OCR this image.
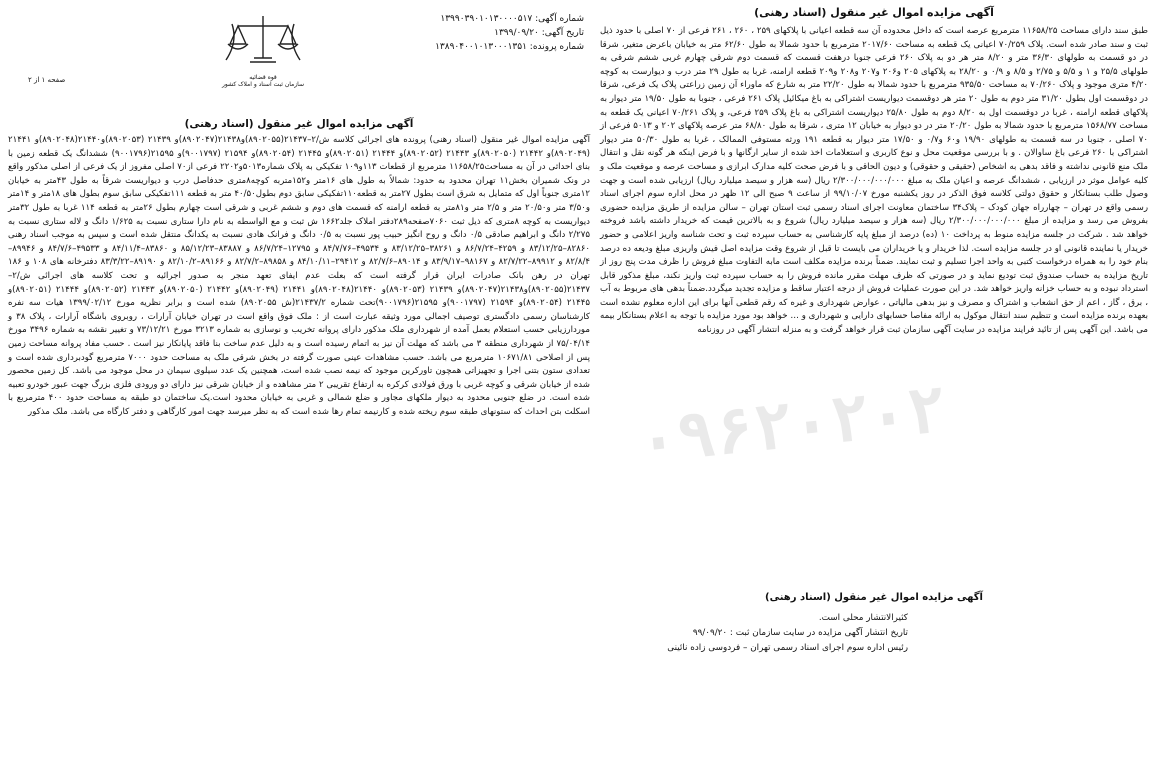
آگهی مزایده اموال غیر منقول (اسناد رهنی)

طبق سند دارای مساحت ۱۱۶۵۸/۲۵ مترمربع عرصه است که داخل محدوده آن سه قطعه اعیانی با پلاکهای ۲۵۹ ، ۲۶۰ ، ۲۶۱ فرعی از ۷۰ اصلی با حدود ذیل ثبت و سند صادر شده است. پلاک ۷۰/۲۵۹ اعیانی یک قطعه به مساحت ۲۰۱۷/۶۰ مترمربع با حدود شمالا به طول ۶۲/۶۰ متر به خیابان باعرض متغیر، شرقا در دو قسمت به طولهای ۳۶/۳۰ متر و ۸/۲۰ متر هر دو به پلاک ۲۶۰ فرعی جنوبا درهفت قسمت که قسمت دوم شرقی چهارم غربی ششم شرقی به طولهای ۲۵/۵ و ۱ و ۵/۵ و ۲/۷۵ و ۸/۵ و ۰/۹ و ۲۸/۲۰ به پلاکهای ۲۰۵ و۲۰۶ و۲۰۷ و۲۰۸ و۲۰۹ قطعه ارامنه، غربا به طول ۲۹ متر درب و دیوارست به کوچه ۴/۲۰ متری موجود و پلاک ۷۰/۲۶۰ به مساحت ۹۳۵/۵۰ مترمربع با حدود شمالا به طول ۲۲/۲۰ متر به شارع که ماوراء آن زمین زراعتی پلاک یک فرعی، شرقا در دوقسمت اول بطول ۳۱/۲۰ متر دوم به طول ۲۰ متر هر دوقسمت دیواریست اشتراکی به باغ میکائیل پلاک ۲۶۱ فرعی ، جنوبا به طول ۱۹/۵۰ متر دیوار به پلاکهای قطعه ارامنه ، غربا در دوقسمت اول به ۸/۲۰ دوم به طول ۲۵/۸۰ دیواریست اشتراکی به باغ پلاک ۲۵۹ فرعی، و پلاک ۷۰/۲۶۱ اعیانی یک قطعه به مساحت ۱۵۶۸/۷۷ مترمربع با حدود شمالا به طول ۲۰/۲۰ متر در دو دیوار به خیابان ۱۲ متری ، شرقا به طول ۶۸/۸۰ متر عرصه پلاکهای ۲۰۲ و ۵۰۱۳ فرعی از ۷۰ اصلی ، جنوبا در سه قسمت به طولهای ۱۹/۹۰ و۶۰ و۰/۷ و ۱۷/۵۰ متر دیوار به قطعه ۱۹۱ ورثه مستوفی الممالک ، غربا به طول ۵۰/۳۰ متر دیوار اشتراکی با ۲۶۰ فرعی باغ ساوالان . و با بررسی موقعیت محل و نوع کاربری و استعلامات اخذ شده از سایر ارگانها و با فرض اینکه هر گونه نقل و انتقال ملک منع قانونی نداشته و فاقد بدهی به اشخاص (حقیقی و حقوقی) و دیون الحاقی و با فرض صحت کلیه مدارک ابرازی و مساحت عرصه و موقعیت ملک و کلیه عوامل موثر در ارزیابی ، ششدانگ عرصه و اعیان ملک به مبلغ ۲/۳۰۰/۰۰۰/۰۰۰/۰۰۰ ریال (سه هزار و سیصد میلیارد ریال) ارزیابی شده است و جهت وصول طلب بستانکار و حقوق دولتی کلاسه فوق الذکر در روز یکشنبه مورخ ۹۹/۱۰/۰۷ از ساعت ۹ صبح الی ۱۲ ظهر در محل اداره سوم اجرای اسناد رسمی واقع در تهران – چهارراه جهان کودک – پلاک۳۴ ساختمان معاونت اجرای اسناد رسمی ثبت استان تهران – سالن مزایده از طریق مزایده حضوری بفروش می رسد و مزایده از مبلغ ۲/۳۰۰/۰۰۰/۰۰۰/۰۰۰ ریال (سه هزار و سیصد میلیارد ریال) شروع و به بالاترین قیمت که خریدار داشته باشد فروخته خواهد شد . شرکت در جلسه مزایده منوط به پرداخت ۱۰ (ده) درصد از مبلغ پایه کارشناسی به حساب سپرده ثبت و تحت شناسه واریز اعلامی و حضور خریدار یا نماینده قانونی او در جلسه مزایده است. لذا خریدار و یا خریداران می بایست تا قبل از شروع وقت مزایده اصل فیش واریزی مبلغ ودیعه ده درصد بنام خود را به همراه درخواست کتبی به واحد اجرا تسلیم و ثبت نمایند. ضمناً برنده مزایده مکلف است مابه التفاوت مبلغ فروش را ظرف مدت پنج روز از تاریخ مزایده به حساب صندوق ثبت تودیع نماید و در صورتی که ظرف مهلت مقرر مانده فروش را به حساب سپرده ثبت واریز نکند، مبلغ مذکور قابل استرداد نبوده و به حساب خزانه واریز خواهد شد. در این صورت عملیات فروش از درجه اعتبار ساقط و مزایده تجدید میگردد.ضمناً بدهی های مربوط به آب ، برق ، گاز ، اعم از حق انشعاب و اشتراک و مصرف و نیز بدهی مالیاتی ، عوارض شهرداری و غیره که رقم قطعی آنها برای این اداره معلوم نشده است بعهده برنده مزایده است و تنظیم سند انتقال موکول به ارائه مفاصا حسابهای دارایی و شهرداری و … خواهد بود مورد مزایده با توجه به اعلام بستانکار بیمه می باشد. این آگهی پس از تائید فرایند مزایده در سایت آگهی سازمان ثبت قرار خواهد گرفت و به منزله انتشار آگهی در روزنامه

۰۹۶۲۰۲۰۲
آگهی مزایده اموال غیر منقول (اسناد رهنی)
کثیرالانتشار محلی است.
تاریخ انتشار آگهی مزایده در سایت سازمان ثبت : ۹۹/۰۹/۲۰
رئیس اداره سوم اجرای اسناد رسمی تهران – فردوسی زاده نائینی
شماره آگهی: ۱۳۹۹۰۳۹۰۱۰۱۳۰۰۰۰۵۱۷
تاریخ آگهی: ۱۳۹۹/۰۹/۲۰
شماره پرونده: ۱۳۸۹۰۴۰۰۱۰۱۳۰۰۰۱۳۵۱
قوه قضائیه
سازمان ثبت اسناد و املاک کشور
صفحه ۱ از ۲

آگهی مزایده اموال غیر منقول (اسناد رهنی)

آگهی مزایده اموال غیر منقول (اسناد رهنی) پرونده های اجرائی کلاسه ش/۲–۲۱۴۳۷(۸۹۰۲۰۵۵)و۲۱۴۳۸(۸۹۰۲۰۴۷)و ۲۱۴۳۹ (۸۹۰۲۰۵۳)و۲۱۴۴۰(۸۹۰۲۰۴۸)و ۲۱۴۴۱ (۸۹۰۲۰۴۹)و ۲۱۴۴۲ (۸۹۰۲۰۵۰)و ۲۱۴۴۳ (۸۹۰۲۰۵۲)و ۲۱۴۴۴ (۸۹۰۲۰۵۱)و ۲۱۴۴۵ (۸۹۰۲۰۵۴)و ۲۱۵۹۴ (۹۰۰۱۷۹۷)و ۲۱۵۹۵(۹۰۰۱۷۹۶) ششدانگ یک قطعه زمین با بنای احداثی در آن به مساحت۱۱۶۵۸/۲۵ مترمربع از قطعات ۱۱۳و۱۰۹ تفکیکی به پلاک شماره۵۰۱۳و۲۲۰۲ فرعی از۷۰ اصلی مفروز از یک فرعی از اصلی مذکور واقع در ونک شمیران بخش۱۱ تهران محدود به حدود: شمالاً به طول های ۱۶متر و۱۵۲متربه کوچه۸متری حدفاصل درب و دیواریست شرقاً به طول ۴۳متر به خیابان ۱۲متری جنوباً اول که متمایل به شرق است بطول ۲۷متر به قطعه۱۱۰تفکیکی سابق دوم بطول۴۰/۵۰ متر به قطعه ۱۱۱تفکیکی سابق سوم بطول های ۱۸متر و ۱۴متر و۳/۵۰ متر و۲۰/۵۰ متر و ۲/۵ متر و۸۱متر به قطعه ارامنه که قسمت های دوم و ششم غربی و شرقی است چهارم بطول ۲۶متر به قطعه ۱۱۴ غربا به طول ۳۲متر دیواریست به کوچه ۸متری که ذیل ثبت ۷۰۶۰صفحه۲۸۹دفتر املاک جلد۱۶۶۲ ش ثبت و مع الواسطه به نام دارا ستاری نسبت به ۱/۶۲۵ دانگ و لاله ستاری نسبت به ۲/۲۷۵ دانگ و ابراهیم صادقی ۰/۵ دانگ و روح انگیز حبیب پور نسبت به ۰/۵ دانگ و فرانک هادی نسبت به یکدانگ منتقل شده است و سپس به موجب اسناد رهنی ۸۲۸۶۰–۸۳/۱۲/۲۵ و ۴۲۵۹–۸۶/۷/۲۴ و ۳۸۲۶۱–۸۳/۱۲/۲۵ و ۴۹۵۳۴–۸۴/۷/۷۶ و ۱۲۷۹۵–۸۶/۷/۲۴ و ۸۳۸۸۷–۸۵/۱۲/۲۳ و ۸۳۸۶۰–۸۴/۱۱/۴ و ۴۹۵۳۳–۸۴/۷/۶ و ۸۹۹۴۶–۸۲/۸/۴ و ۸۹۹۱۲–۸۲/۷/۲۲ و ۹۸۱۶۷–۸۳/۹/۱۷ و ۸۹۰۱۴–۸۲/۷/۶ و ۲۹۴۱۲–۸۴/۱۰/۱۱ و ۸۹۸۵۸–۸۲/۷/۲ و ۸۹۱۶۶–۸۲/۱۰/۲ و ۸۹۱۹۰–۸۳/۳/۲۲ دفترخانه های ۱۰۸ و ۱۸۶ تهران در رهن بانک صادرات ایران قرار گرفته است که بعلت عدم ایفای تعهد منجر به صدور اجرائیه و تحت کلاسه های اجرائی ش/۲–۲۱۴۳۷(۸۹۰۲۰۵۵)و۲۱۴۳۸(۸۹۰۲۰۴۷)و ۲۱۴۳۹ (۸۹۰۲۰۵۳)و ۲۱۴۴۰(۸۹۰۲۰۴۸)و ۲۱۴۴۱ (۸۹۰۲۰۴۹)و ۲۱۴۴۲ (۸۹۰۲۰۵۰)و ۲۱۴۴۳ (۸۹۰۲۰۵۲)و ۲۱۴۴۴ (۸۹۰۲۰۵۱)و ۲۱۴۴۵ (۸۹۰۲۰۵۴)و ۲۱۵۹۴ (۹۰۰۱۷۹۷)و ۲۱۵۹۵(۹۰۰۱۷۹۶)تحت شماره ۲۱۴۳۷/۲(ش ۸۹۰۲۰۵۵) شده است و برابر نظریه مورخ ۱۳۹۹/۰۲/۱۲ هیات سه نفره کارشناسان رسمی دادگستری توصیف اجمالی مورد وثیقه عبارت است از : ملک فوق واقع است در تهران خیابان آرارات ، روبروی باشگاه آرارات ، پلاک ۳۸ و موردارزیابی حسب استعلام بعمل آمده از شهرداری ملک مذکور دارای پروانه تخریب و نوسازی به شماره ۳۲۱۳ مورخ ۷۳/۱۲/۲۱ و تغییر نقشه به شماره ۳۴۹۶ مورخ ۷۵/۰۴/۱۴ از شهرداری منطقه ۳ می باشد که مهلت آن نیز به اتمام رسیده است و به دلیل عدم ساخت بنا فاقد پایانکار نیز است . حسب مفاد پروانه مساحت زمین پس از اصلاحی ۱۰۶۷۱/۸۱ مترمربع می باشد. حسب مشاهدات عینی صورت گرفته در بخش شرقی ملک به مساحت حدود ۷۰۰۰ مترمربع گودبرداری شده است و تعدادی ستون بتنی اجرا و تجهیزاتی همچون تاورکرین موجود که نیمه نصب شده است، همچنین یک عدد سیلوی سیمان در محل موجود می باشد. کل زمین محصور شده از خیابان شرقی و کوچه غربی با ورق فولادی کرکره به ارتفاع تقریبی ۲ متر مشاهده و از خیابان شرقی نیز دارای دو ورودی فلزی بزرگ جهت عبور خودرو تعبیه شده است. در ضلع جنوبی محدود به دیوار ملکهای مجاور و ضلع شمالی و غربی به خیابان محدود است.یک ساختمان دو طبقه به مساحت حدود ۴۰۰ مترمربع با اسکلت بتن احداث که ستونهای طبقه سوم ریخته شده و کارنیمه تمام رها شده است که به نظر میرسد جهت امور کارگاهی و دفتر کارگاه می باشد. ملک مذکور
